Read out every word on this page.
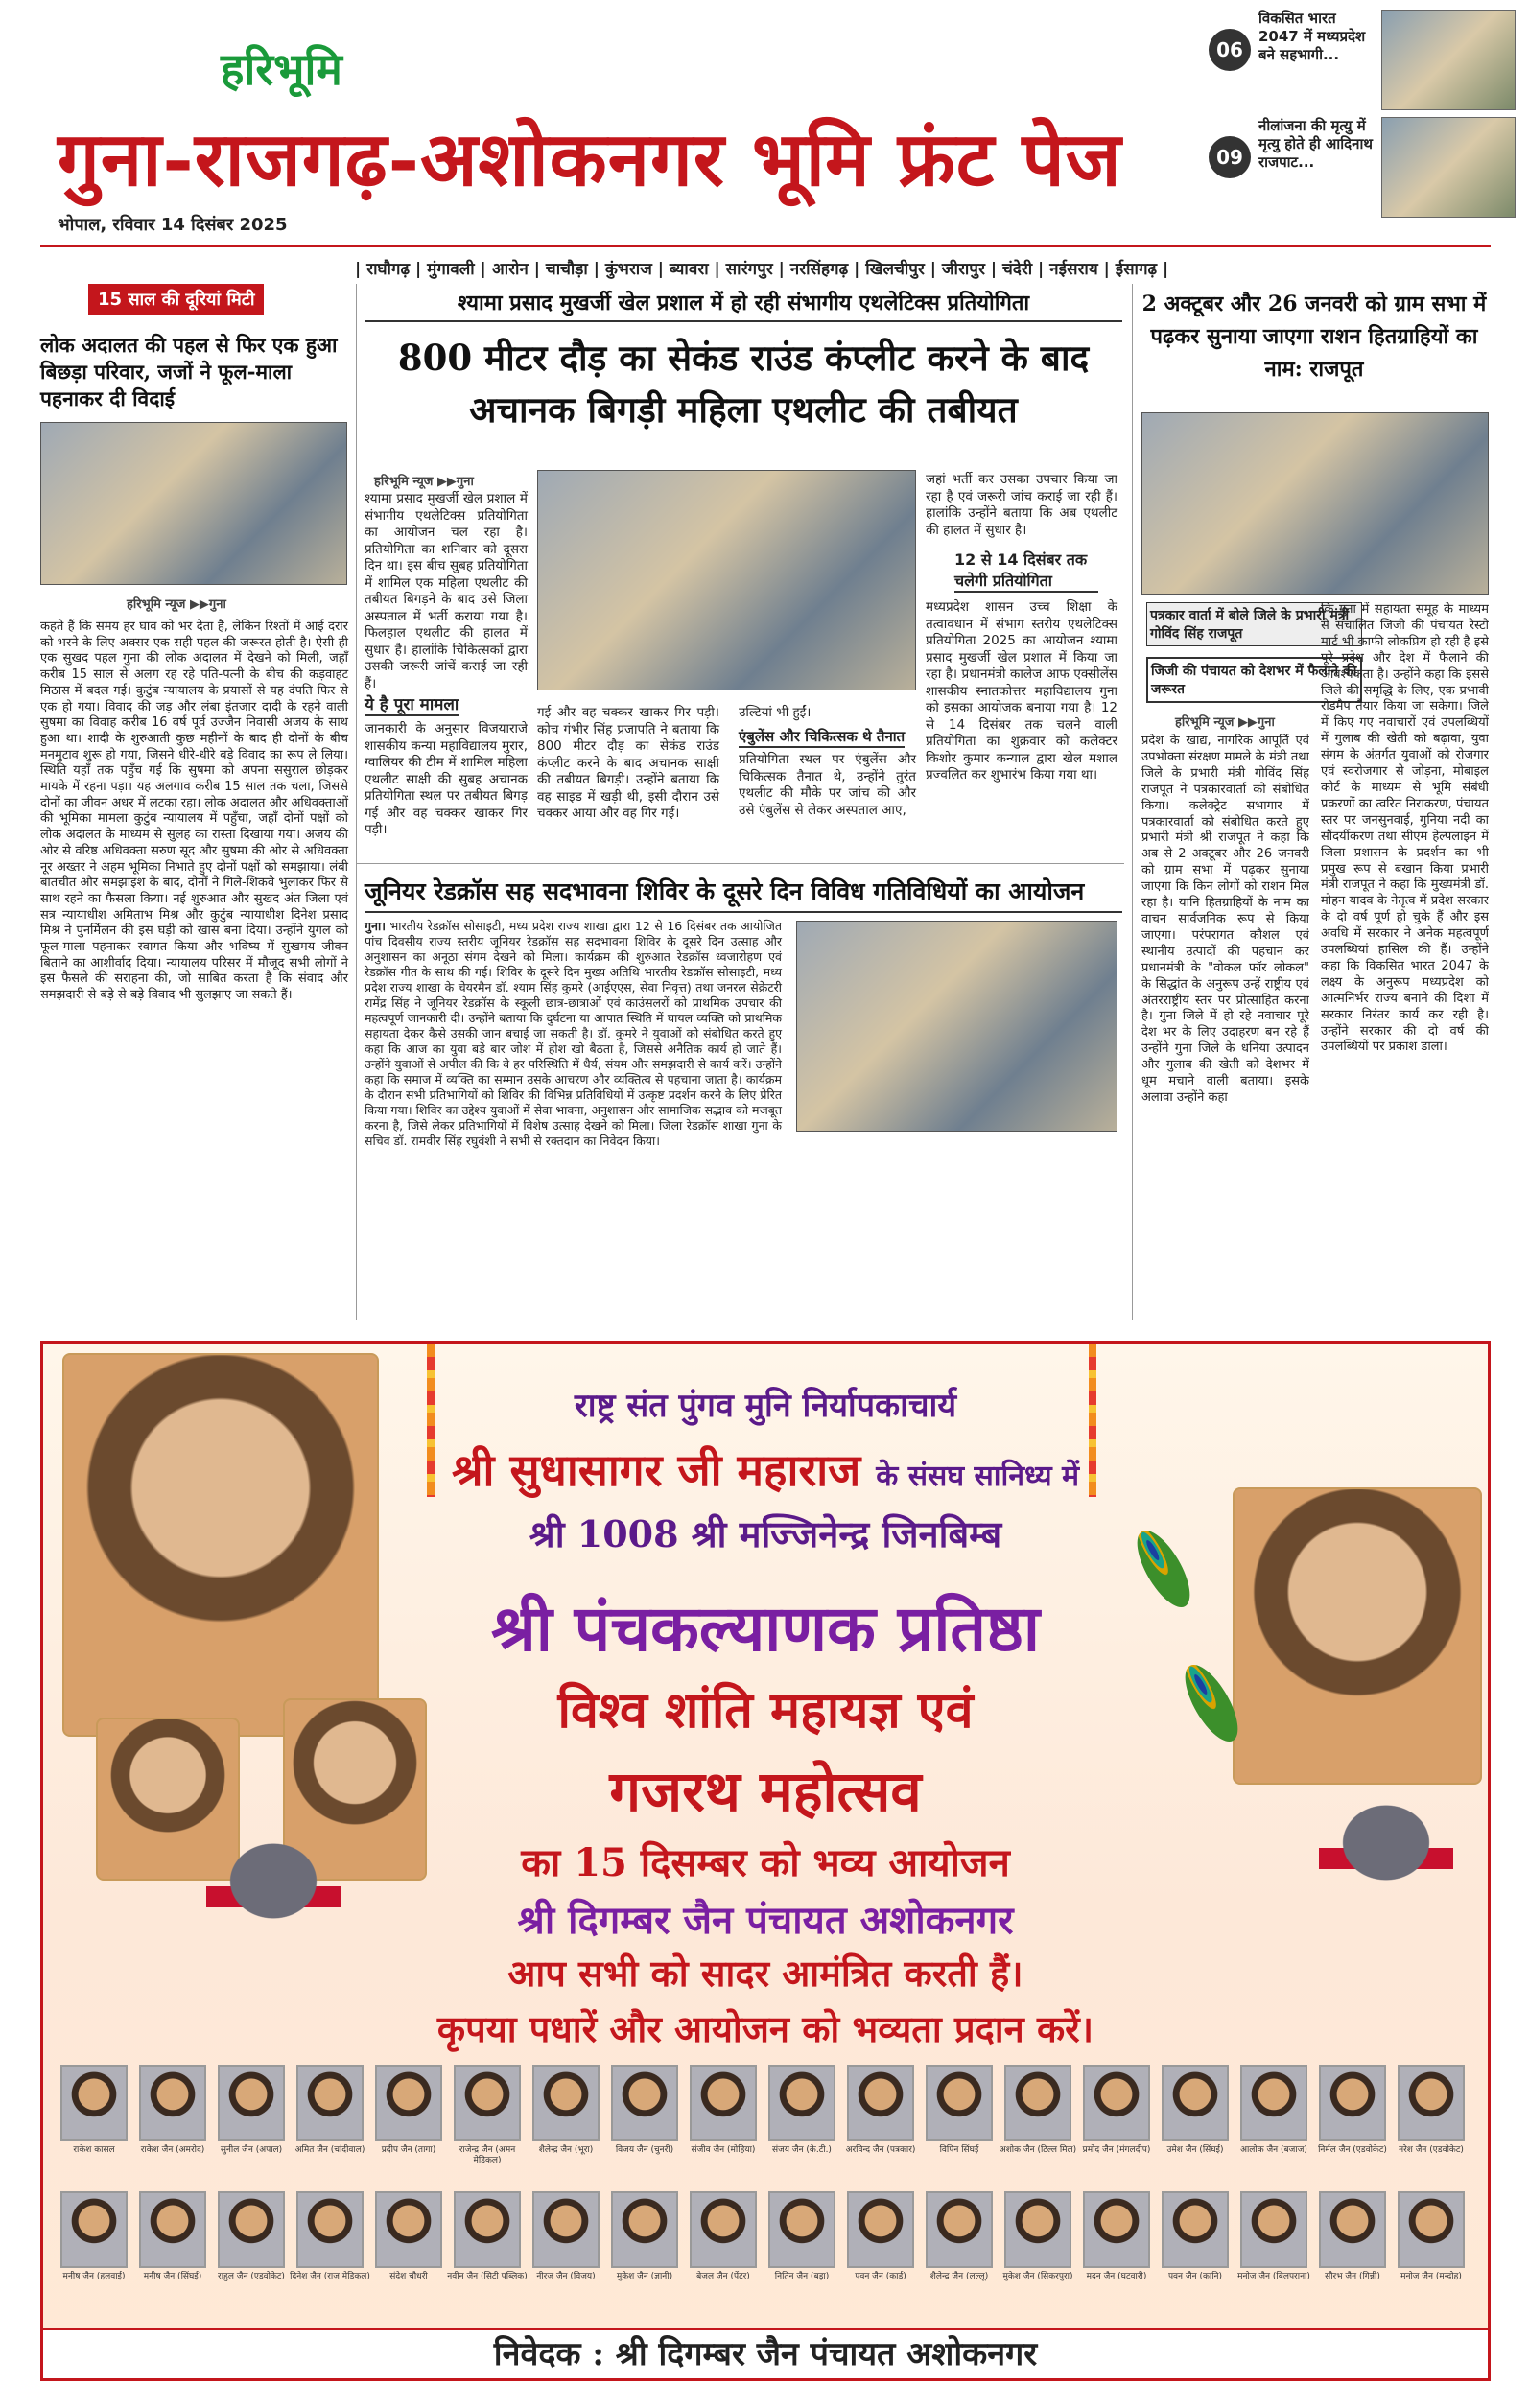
हरिभूमि
गुना-राजगढ़-अशोकनगर भूमि फ्रंट पेज
भोपाल, रविवार 14 दिसंबर 2025
06
विकसित भारत 2047 में मध्यप्रदेश बने सहभागी...
09
नीलांजना की मृत्यु में मृत्यु होते ही आदिनाथ राजपाट...
| राघौगढ़ | मुंगावली | आरोन | चाचौड़ा | कुंभराज | ब्यावरा | सारंगपुर | नरसिंहगढ़ | खिलचीपुर | जीरापुर | चंदेरी | नईसराय | ईसागढ़ |
15 साल की दूरियां मिटी
लोक अदालत की पहल से फिर एक हुआ बिछड़ा परिवार, जजों ने फूल-माला पहनाकर दी विदाई
हरिभूमि न्यूज ▶▶गुना
कहते हैं कि समय हर घाव को भर देता है, लेकिन रिश्तों में आई दरार को भरने के लिए अक्सर एक सही पहल की जरूरत होती है। ऐसी ही एक सुखद पहल गुना की लोक अदालत में देखने को मिली, जहाँ करीब 15 साल से अलग रह रहे पति-पत्नी के बीच की कड़वाहट मिठास में बदल गई। कुटुंब न्यायालय के प्रयासों से यह दंपति फिर से एक हो गया। विवाद की जड़ और लंबा इंतजार दादी के रहने वाली सुषमा का विवाह करीब 16 वर्ष पूर्व उज्जैन निवासी अजय के साथ हुआ था। शादी के शुरुआती कुछ महीनों के बाद ही दोनों के बीच मनमुटाव शुरू हो गया, जिसने धीरे-धीरे बड़े विवाद का रूप ले लिया। स्थिति यहाँ तक पहुँच गई कि सुषमा को अपना ससुराल छोड़कर मायके में रहना पड़ा। यह अलगाव करीब 15 साल तक चला, जिससे दोनों का जीवन अधर में लटका रहा। लोक अदालत और अधिवक्ताओं की भूमिका मामला कुटुंब न्यायालय में पहुँचा, जहाँ दोनों पक्षों को लोक अदालत के माध्यम से सुलह का रास्ता दिखाया गया। अजय की ओर से वरिष्ठ अधिवक्ता सरुण सूद और सुषमा की ओर से अधिवक्ता नूर अख्तर ने अहम भूमिका निभाते हुए दोनों पक्षों को समझाया। लंबी बातचीत और समझाइश के बाद, दोनों ने गिले-शिकवे भुलाकर फिर से साथ रहने का फैसला किया। नई शुरुआत और सुखद अंत जिला एवं सत्र न्यायाधीश अमिताभ मिश्र और कुटुंब न्यायाधीश दिनेश प्रसाद मिश्र ने पुनर्मिलन की इस घड़ी को खास बना दिया। उन्होंने युगल को फूल-माला पहनाकर स्वागत किया और भविष्य में सुखमय जीवन बिताने का आशीर्वाद दिया। न्यायालय परिसर में मौजूद सभी लोगों ने इस फैसले की सराहना की, जो साबित करता है कि संवाद और समझदारी से बड़े से बड़े विवाद भी सुलझाए जा सकते हैं।
श्यामा प्रसाद मुखर्जी खेल प्रशाल में हो रही संभागीय एथलेटिक्स प्रतियोगिता
800 मीटर दौड़ का सेकंड राउंड कंप्लीट करने के बाद अचानक बिगड़ी महिला एथलीट की तबीयत
हरिभूमि न्यूज ▶▶गुना
श्यामा प्रसाद मुखर्जी खेल प्रशाल में संभागीय एथलेटिक्स प्रतियोगिता का आयोजन चल रहा है। प्रतियोगिता का शनिवार को दूसरा दिन था। इस बीच सुबह प्रतियोगिता में शामिल एक महिला एथलीट की तबीयत बिगड़ने के बाद उसे जिला अस्पताल में भर्ती कराया गया है। फिलहाल एथलीट की हालत में सुधार है। हालांकि चिकित्सकों द्वारा उसकी जरूरी जांचें कराई जा रही हैं।
ये है पूरा मामला
जानकारी के अनुसार विजयाराजे शासकीय कन्या महाविद्यालय मुरार, ग्वालियर की टीम में शामिल महिला एथलीट साक्षी की सुबह अचानक प्रतियोगिता स्थल पर तबीयत बिगड़ गई और वह चक्कर खाकर गिर पड़ी।
गई और वह चक्कर खाकर गिर पड़ी। कोच गंभीर सिंह प्रजापति ने बताया कि 800 मीटर दौड़ का सेकंड राउंड कंप्लीट करने के बाद अचानक साक्षी की तबीयत बिगड़ी। उन्होंने बताया कि वह साइड में खड़ी थी, इसी दौरान उसे चक्कर आया और वह गिर गई।
उल्टियां भी हुईं।
एंबुलेंस और चिकित्सक थे तैनात
प्रतियोगिता स्थल पर एंबुलेंस और चिकित्सक तैनात थे, उन्होंने तुरंत एथलीट की मौके पर जांच की और उसे एंबुलेंस से लेकर अस्पताल आए,
जहां भर्ती कर उसका उपचार किया जा रहा है एवं जरूरी जांच कराई जा रही हैं। हालांकि उन्होंने बताया कि अब एथलीट की हालत में सुधार है।
12 से 14 दिसंबर तक चलेगी प्रतियोगिता
मध्यप्रदेश शासन उच्च शिक्षा के तत्वावधान में संभाग स्तरीय एथलेटिक्स प्रतियोगिता 2025 का आयोजन श्यामा प्रसाद मुखर्जी खेल प्रशाल में किया जा रहा है। प्रधानमंत्री कालेज आफ एक्सीलेंस शासकीय स्नातकोत्तर महाविद्यालय गुना को इसका आयोजक बनाया गया है। 12 से 14 दिसंबर तक चलने वाली प्रतियोगिता का शुक्रवार को कलेक्टर किशोर कुमार कन्याल द्वारा खेल मशाल प्रज्वलित कर शुभारंभ किया गया था।
जूनियर रेडक्रॉस सह सदभावना शिविर के दूसरे दिन विविध गतिविधियों का आयोजन
गुना। भारतीय रेडक्रॉस सोसाइटी, मध्य प्रदेश राज्य शाखा द्वारा 12 से 16 दिसंबर तक आयोजित पांच दिवसीय राज्य स्तरीय जूनियर रेडक्रॉस सह सदभावना शिविर के दूसरे दिन उत्साह और अनुशासन का अनूठा संगम देखने को मिला। कार्यक्रम की शुरुआत रेडक्रॉस ध्वजारोहण एवं रेडक्रॉस गीत के साथ की गई। शिविर के दूसरे दिन मुख्य अतिथि भारतीय रेडक्रॉस सोसाइटी, मध्य प्रदेश राज्य शाखा के चेयरमैन डॉ. श्याम सिंह कुमरे (आईएएस, सेवा निवृत्त) तथा जनरल सेक्रेटरी रामेंद्र सिंह ने जूनियर रेडक्रॉस के स्कूली छात्र-छात्राओं एवं काउंसलरों को प्राथमिक उपचार की महत्वपूर्ण जानकारी दी। उन्होंने बताया कि दुर्घटना या आपात स्थिति में घायल व्यक्ति को प्राथमिक सहायता देकर कैसे उसकी जान बचाई जा सकती है। डॉ. कुमरे ने युवाओं को संबोधित करते हुए कहा कि आज का युवा बड़े बार जोश में होश खो बैठता है, जिससे अनैतिक कार्य हो जाते हैं। उन्होंने युवाओं से अपील की कि वे हर परिस्थिति में धैर्य, संयम और समझदारी से कार्य करें। उन्होंने कहा कि समाज में व्यक्ति का सम्मान उसके आचरण और व्यक्तित्व से पहचाना जाता है। कार्यक्रम के दौरान सभी प्रतिभागियों को शिविर की विभिन्न प्रतिविधियों में उत्कृष्ट प्रदर्शन करने के लिए प्रेरित किया गया। शिविर का उद्देश्य युवाओं में सेवा भावना, अनुशासन और सामाजिक सद्भाव को मजबूत करना है, जिसे लेकर प्रतिभागियों में विशेष उत्साह देखने को मिला। जिला रेडक्रॉस शाखा गुना के सचिव डॉ. रामवीर सिंह रघुवंशी ने सभी से रक्तदान का निवेदन किया।
2 अक्टूबर और 26 जनवरी को ग्राम सभा में पढ़कर सुनाया जाएगा राशन हितग्राहियों का नाम: राजपूत
पत्रकार वार्ता में बोले जिले के प्रभारी मंत्री गोविंद सिंह राजपूत
जिजी की पंचायत को देशभर में फैलाने की जरूरत
हरिभूमि न्यूज ▶▶गुना
प्रदेश के खाद्य, नागरिक आपूर्ति एवं उपभोक्ता संरक्षण मामले के मंत्री तथा जिले के प्रभारी मंत्री गोविंद सिंह राजपूत ने पत्रकारवार्ता को संबोधित किया। कलेक्ट्रेट सभागार में पत्रकारवार्ता को संबोधित करते हुए प्रभारी मंत्री श्री राजपूत ने कहा कि अब से 2 अक्टूबर और 26 जनवरी को ग्राम सभा में पढ़कर सुनाया जाएगा कि किन लोगों को राशन मिल रहा है। यानि हितग्राहियों के नाम का वाचन सार्वजनिक रूप से किया जाएगा। परंपरागत कौशल एवं स्थानीय उत्पादों की पहचान कर प्रधानमंत्री के "वोकल फॉर लोकल" के सिद्धांत के अनुरूप उन्हें राष्ट्रीय एवं अंतरराष्ट्रीय स्तर पर प्रोत्साहित करना है। गुना जिले में हो रहे नवाचार पूरे देश भर के लिए उदाहरण बन रहे हैं उन्होंने गुना जिले के धनिया उत्पादन और गुलाब की खेती को देशभर में धूम मचाने वाली बताया। इसके अलावा उन्होंने कहा
कि गुना में सहायता समूह के माध्यम से संचालित जिजी की पंचायत रेस्टो मार्ट भी काफी लोकप्रिय हो रही है इसे पूरे प्रदेश और देश में फैलाने की आवश्यकता है। उन्होंने कहा कि इससे जिले की समृद्धि के लिए, एक प्रभावी रोडमैप तैयार किया जा सकेगा। जिले में किए गए नवाचारों एवं उपलब्धियों में गुलाब की खेती को बढ़ावा, युवा संगम के अंतर्गत युवाओं को रोजगार एवं स्वरोजगार से जोड़ना, मोबाइल कोर्ट के माध्यम से भूमि संबंधी प्रकरणों का त्वरित निराकरण, पंचायत स्तर पर जनसुनवाई, गुनिया नदी का सौंदर्यीकरण तथा सीएम हेल्पलाइन में जिला प्रशासन के प्रदर्शन का भी प्रमुख रूप से बखान किया प्रभारी मंत्री राजपूत ने कहा कि मुख्यमंत्री डॉ. मोहन यादव के नेतृत्व में प्रदेश सरकार के दो वर्ष पूर्ण हो चुके हैं और इस अवधि में सरकार ने अनेक महत्वपूर्ण उपलब्धियां हासिल की हैं। उन्होंने कहा कि विकसित भारत 2047 के लक्ष्य के अनुरूप मध्यप्रदेश को आत्मनिर्भर राज्य बनाने की दिशा में सरकार निरंतर कार्य कर रही है। उन्होंने सरकार की दो वर्ष की उपलब्धियों पर प्रकाश डाला।
राष्ट्र संत पुंगव मुनि निर्यापकाचार्य
श्री सुधासागर जी महाराज के संसघ सानिध्य में
श्री 1008 श्री मज्जिनेन्द्र जिनबिम्ब
श्री पंचकल्याणक प्रतिष्ठा
विश्व शांति महायज्ञ एवं
गजरथ महोत्सव
का 15 दिसम्बर को भव्य आयोजन
श्री दिगम्बर जैन पंचायत अशोकनगर
आप सभी को सादर आमंत्रित करती हैं।
कृपया पधारें और आयोजन को भव्यता प्रदान करें।
राकेश कासल	राकेश जैन (अमरोद)	सुनील जैन (अपाल)	अमित जैन (चांदीवाल)	प्रदीप जैन (तागा)	राजेन्द्र जैन (अमन मेडिकल)
शैलेन्द्र जैन (भूरा)	विजय जैन (चुनरी)	संजीव जैन (मोहिया)	संजय जैन (के.टी.)	अरविन्द जैन (पत्रकार)	विपिन सिंघई	अशोक जैन (टिल्ल मिल) प्रमोद जैन (मंगलदीप)	उमेश जैन (सिंघई)	आलोक जैन (बजाज)	निर्मल जैन (एडवोकेट)	नरेश जैन (एडवोकेट)
मनीष जैन (हलवाई)	मनीष जैन (सिंघई)	राहुल जैन (एडवोकेट) दिनेश जैन (राज मेडिकल)	संदेश चौधरी	नवीन जैन (सिटी पब्लिक)	नीरज जैन (विजय)	मुकेश जैन (ज्ञानी)	बेजल जैन (पेंटर)	नितिन जैन (बड़ा)	पवन जैन (कार्ड)	शैलेन्द्र जैन (लल्लू)	मुकेश जैन (सिकरपुरा)	मदन जैन (घटवारी)	पवन जैन (कानि)	मनोज जैन (बिलपराना)	सौरभ जैन (गिन्नी)	मनोज जैन (मन्दोह)
निवेदक : श्री दिगम्बर जैन पंचायत अशोकनगर
